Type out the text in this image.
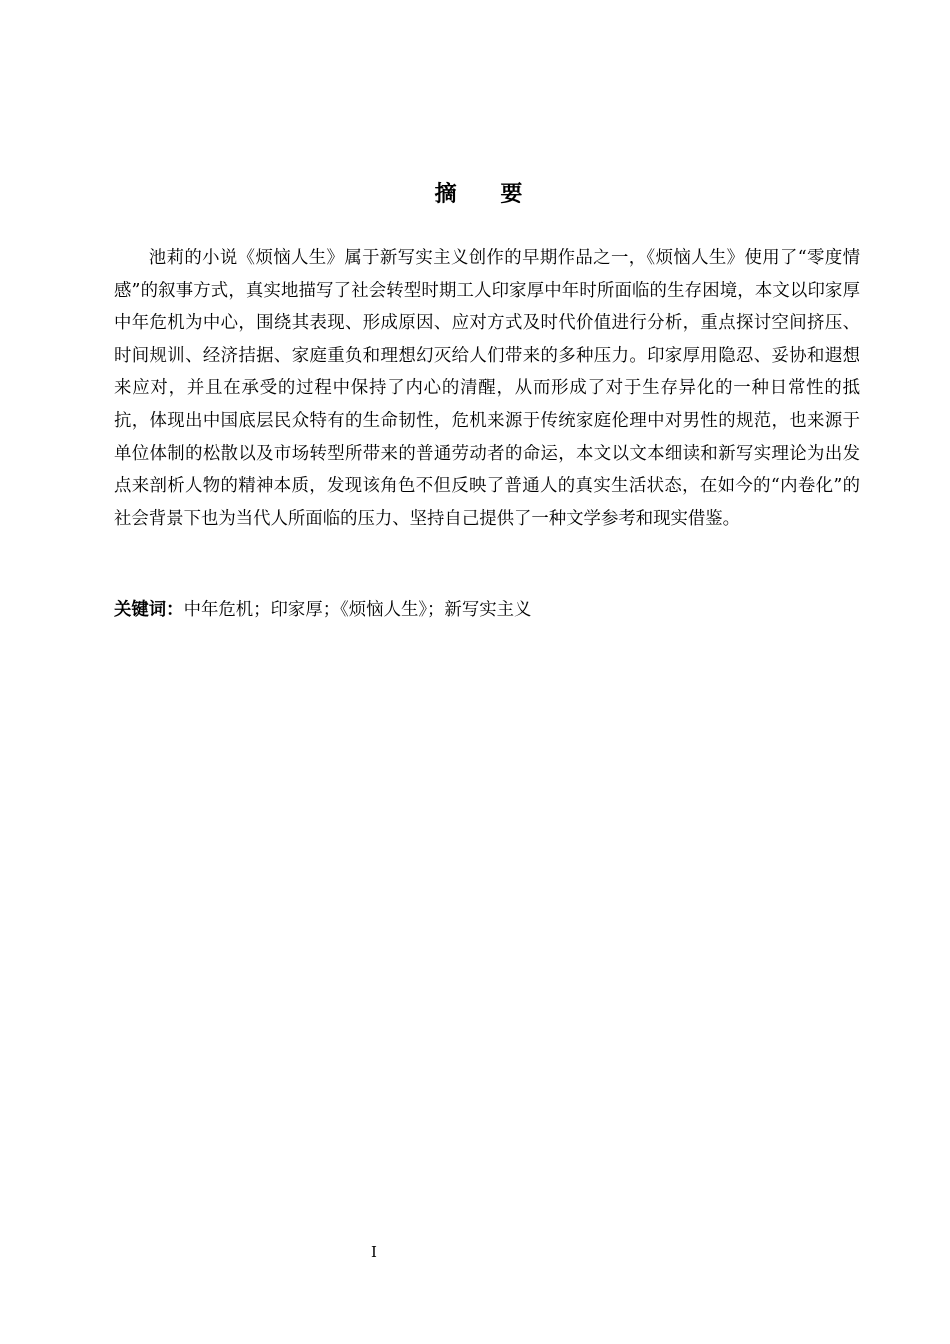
摘 要

池莉的小说《烦恼人生》属于新写实主义创作的早期作品之一，《烦恼人生》使用了“零度情感”的叙事方式，真实地描写了社会转型时期工人印家厚中年时所面临的生存困境，本文以印家厚中年危机为中心，围绕其表现、形成原因、应对方式及时代价值进行分析，重点探讨空间挤压、时间规训、经济拮据、家庭重负和理想幻灭给人们带来的多种压力。印家厚用隐忍、妥协和遐想来应对，并且在承受的过程中保持了内心的清醒，从而形成了对于生存异化的一种日常性的抵抗，体现出中国底层民众特有的生命韧性，危机来源于传统家庭伦理中对男性的规范，也来源于单位体制的松散以及市场转型所带来的普通劳动者的命运，本文以文本细读和新写实理论为出发点来剖析人物的精神本质，发现该角色不但反映了普通人的真实生活状态，在如今的“内卷化”的社会背景下也为当代人所面临的压力、坚持自己提供了一种文学参考和现实借鉴。

关键词：中年危机；印家厚；《烦恼人生》；新写实主义

I
